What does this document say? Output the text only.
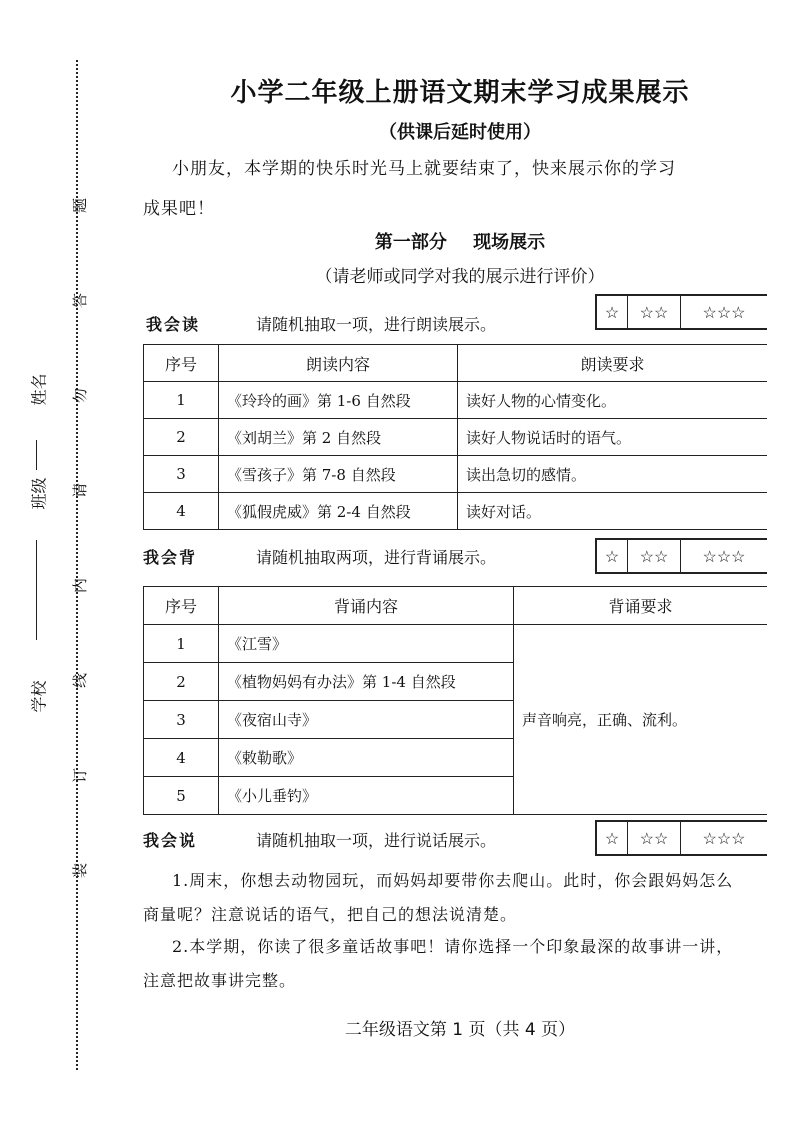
题
答
勿
请
内
线
订
装
姓名
班级
学校
小学二年级上册语文期末学习成果展示
（供课后延时使用）
小朋友，本学期的快乐时光马上就要结束了，快来展示你的学习
成果吧！
第一部分 现场展示
（请老师或同学对我的展示进行评价）
我会读	请随机抽取一项，进行朗读展示。
☆	☆☆	☆☆☆
序号	朗读内容	朗读要求
1	《玲玲的画》第 1-6 自然段	读好人物的心情变化。
2	《刘胡兰》第 2 自然段	读好人物说话时的语气。
3	《雪孩子》第 7-8 自然段	读出急切的感情。
4	《狐假虎威》第 2-4 自然段	读好对话。
我会背	请随机抽取两项，进行背诵展示。	☆	☆☆	☆☆☆
序号	背诵内容	背诵要求
1	《江雪》	声音响亮，正确、流利。
2	《植物妈妈有办法》第 1-4 自然段	
3	《夜宿山寺》	
4	《敕勒歌》	
5	《小儿垂钓》	
我会说	请随机抽取一项，进行说话展示。	☆	☆☆	☆☆☆
1.周末，你想去动物园玩，而妈妈却要带你去爬山。此时，你会跟妈妈怎么
商量呢？注意说话的语气，把自己的想法说清楚。
2.本学期，你读了很多童话故事吧！请你选择一个印象最深的故事讲一讲，
注意把故事讲完整。
二年级语文第 1 页（共 4 页）
